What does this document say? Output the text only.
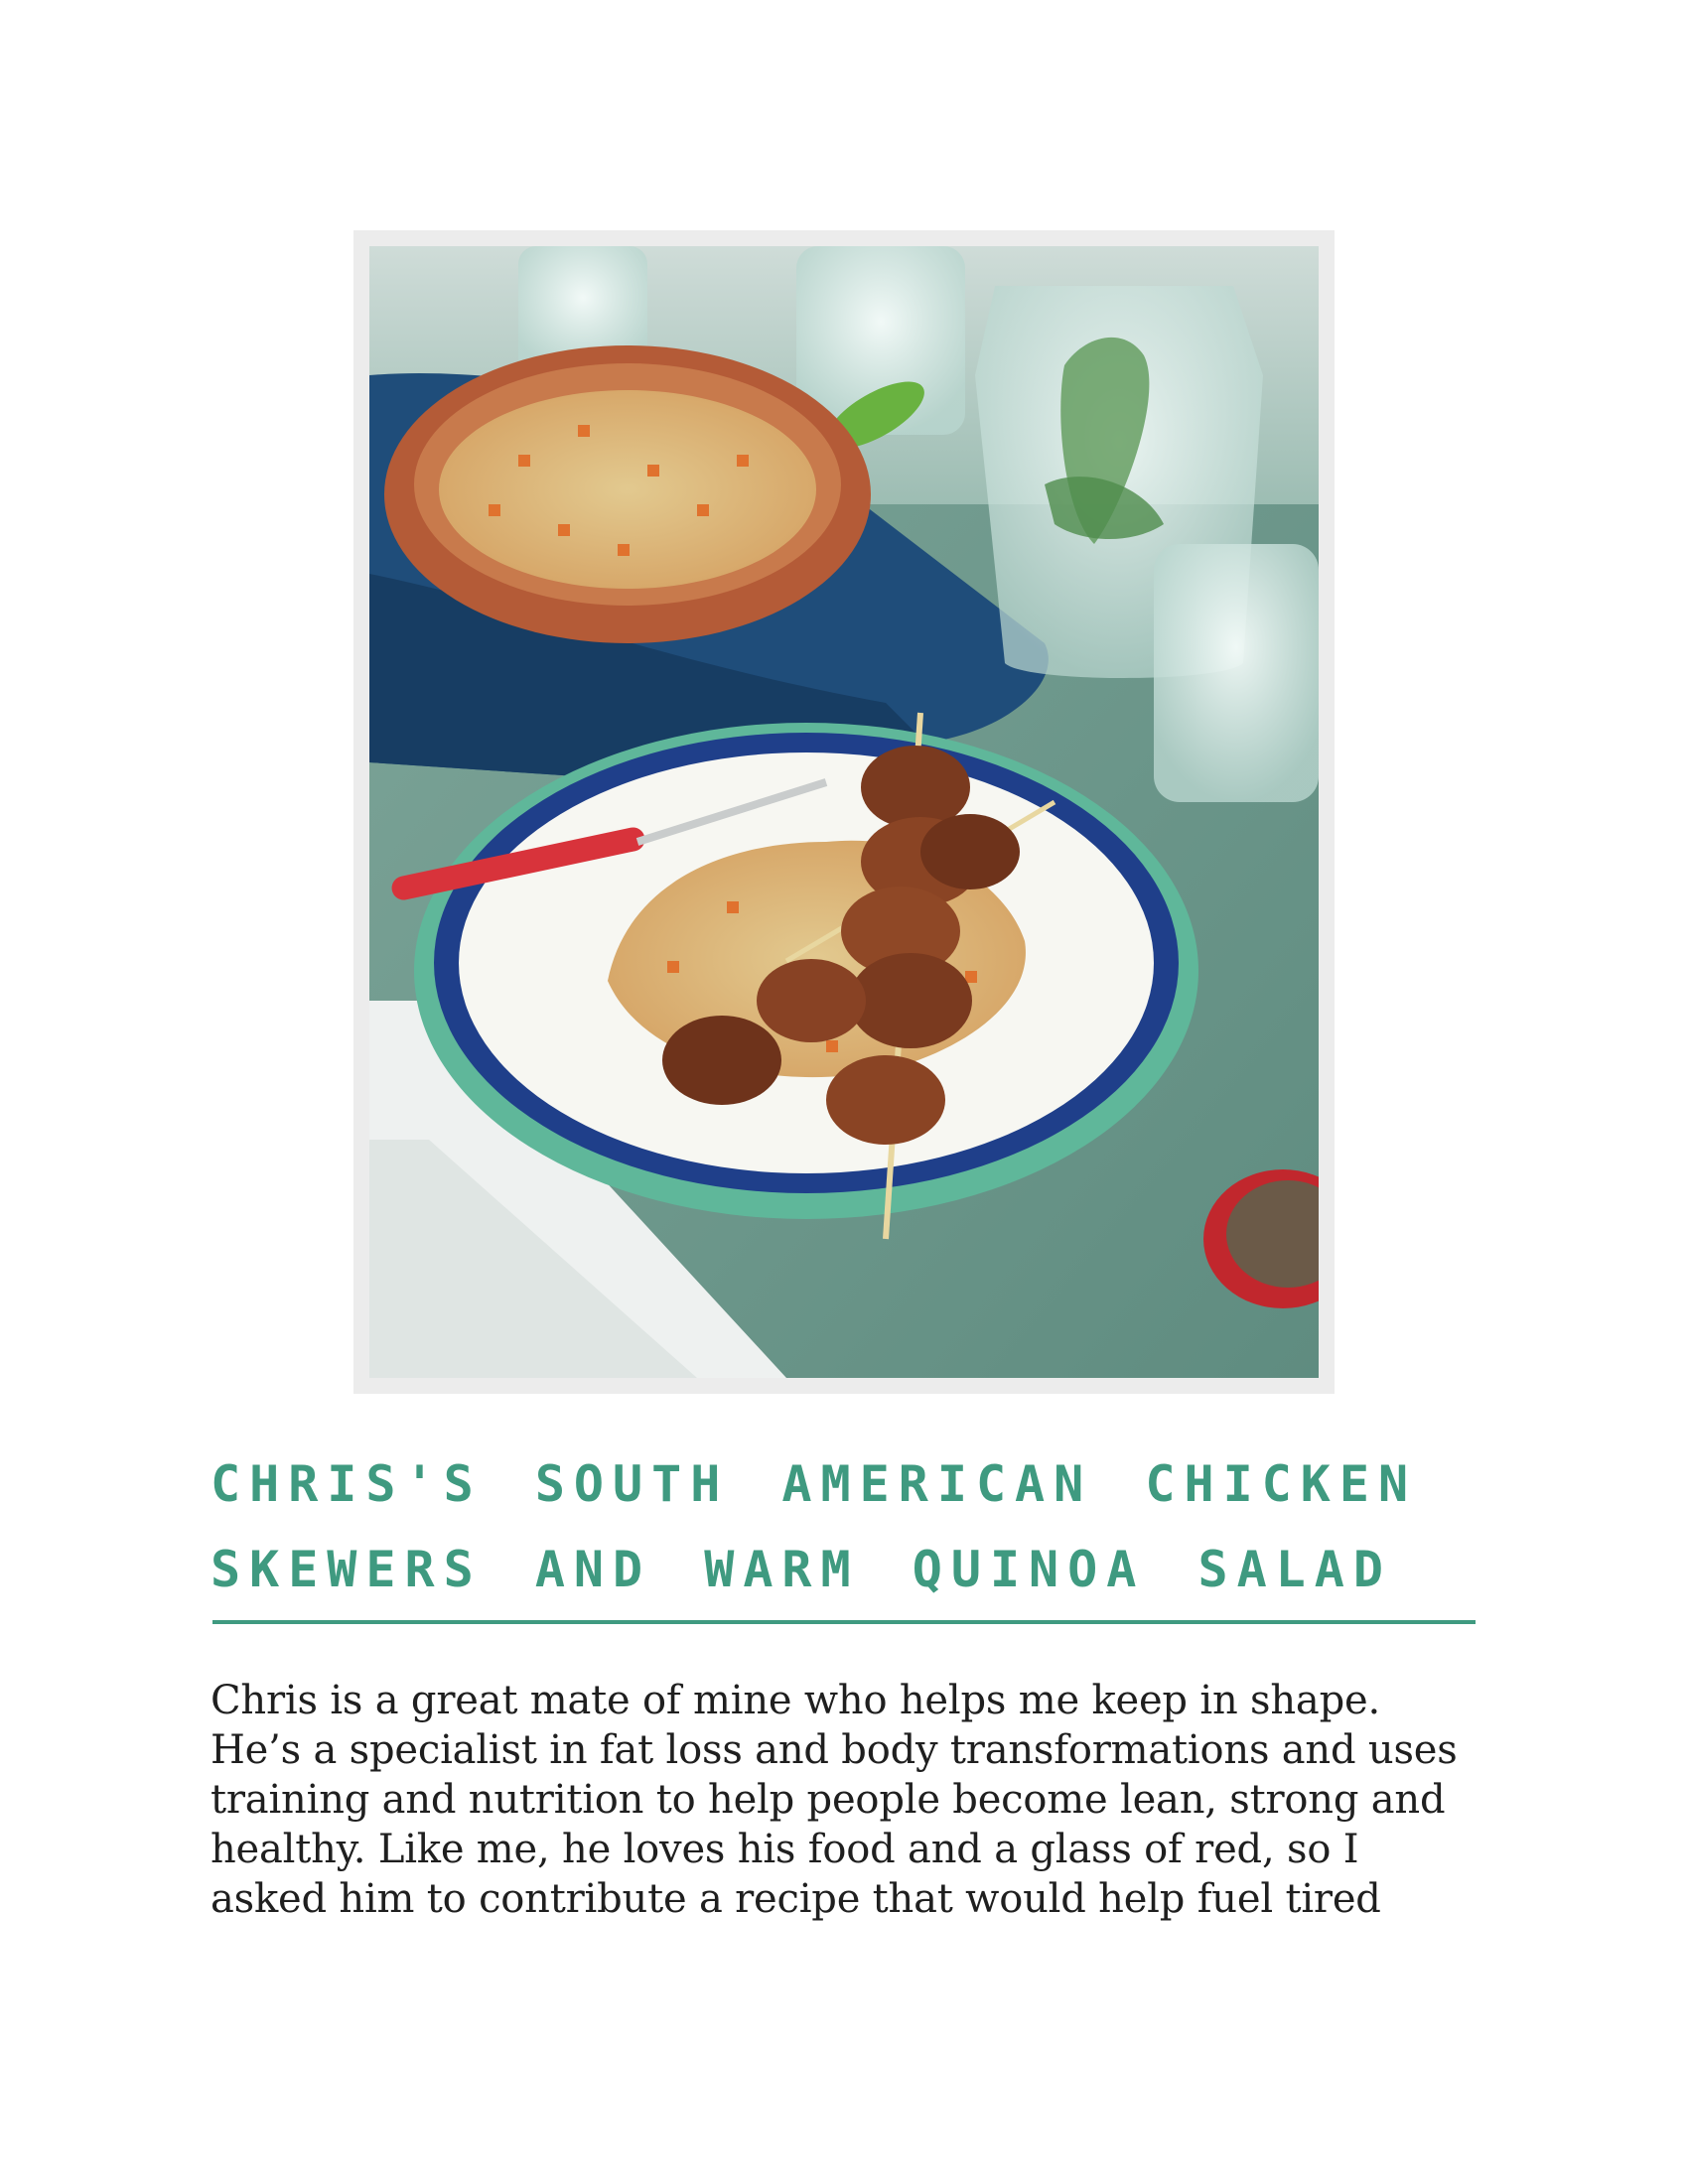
CHRIS'S SOUTH AMERICAN CHICKEN
SKEWERS AND WARM QUINOA SALAD

Chris is a great mate of mine who helps me keep in shape.
He’s a specialist in fat loss and body transformations and uses
training and nutrition to help people become lean, strong and
healthy. Like me, he loves his food and a glass of red, so I
asked him to contribute a recipe that would help fuel tired
